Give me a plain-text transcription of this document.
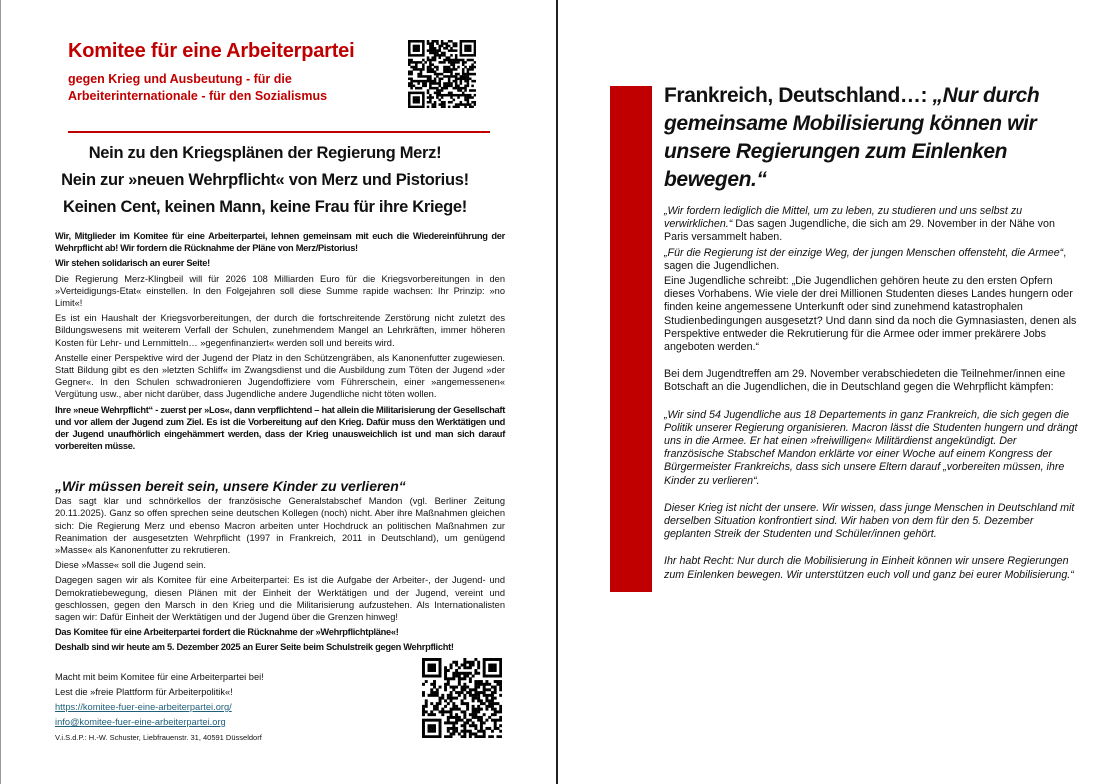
Komitee für eine Arbeiterpartei
gegen Krieg und Ausbeutung - für die Arbeiterinternationale - für den Sozialismus
Nein zu den Kriegsplänen der Regierung Merz!
Nein zur »neuen Wehrpflicht« von Merz und Pistorius!
Keinen Cent, keinen Mann, keine Frau für ihre Kriege!

Wir, Mitglieder im Komitee für eine Arbeiterpartei, lehnen gemeinsam mit euch die Wiedereinführung der Wehrpflicht ab! Wir fordern die Rücknahme der Pläne von Merz/Pistorius!

Wir stehen solidarisch an eurer Seite!

Die Regierung Merz-Klingbeil will für 2026 108 Milliarden Euro für die Kriegsvorbereitungen in den »Verteidigungs-Etat« einstellen. In den Folgejahren soll diese Summe rapide wachsen: Ihr Prinzip: »no Limit«!

Es ist ein Haushalt der Kriegsvorbereitungen, der durch die fortschreitende Zerstörung nicht zuletzt des Bildungswesens mit weiterem Verfall der Schulen, zunehmendem Mangel an Lehrkräften, immer höheren Kosten für Lehr- und Lernmitteln… »gegenfinanziert« werden soll und bereits wird.

Anstelle einer Perspektive wird der Jugend der Platz in den Schützengräben, als Kanonenfutter zugewiesen. Statt Bildung gibt es den »letzten Schliff« im Zwangsdienst und die Ausbildung zum Töten der Jugend »der Gegner«. In den Schulen schwadronieren Jugendoffiziere vom Führerschein, einer »angemessenen« Vergütung usw., aber nicht darüber, dass Jugendliche andere Jugendliche nicht töten wollen.

Ihre »neue Wehrpflicht“ - zuerst per »Los«, dann verpflichtend – hat allein die Militarisierung der Gesellschaft und vor allem der Jugend zum Ziel. Es ist die Vorbereitung auf den Krieg. Dafür muss den Werktätigen und der Jugend unaufhörlich eingehämmert werden, dass der Krieg unausweichlich ist und man sich darauf vorbereiten müsse.

„Wir müssen bereit sein, unsere Kinder zu verlieren“

Das sagt klar und schnörkellos der französische Generalstabschef Mandon (vgl. Berliner Zeitung 20.11.2025). Ganz so offen sprechen seine deutschen Kollegen (noch) nicht. Aber ihre Maßnahmen gleichen sich: Die Regierung Merz und ebenso Macron arbeiten unter Hochdruck an politischen Maßnahmen zur Reanimation der ausgesetzten Wehrpflicht (1997 in Frankreich, 2011 in Deutschland), um genügend »Masse« als Kanonenfutter zu rekrutieren.

Diese »Masse« soll die Jugend sein.

Dagegen sagen wir als Komitee für eine Arbeiterpartei: Es ist die Aufgabe der Arbeiter-, der Jugend- und Demokratiebewegung, diesen Plänen mit der Einheit der Werktätigen und der Jugend, vereint und geschlossen, gegen den Marsch in den Krieg und die Militarisierung aufzustehen. Als Internationalisten sagen wir: Dafür Einheit der Werktätigen und der Jugend über die Grenzen hinweg!

Das Komitee für eine Arbeiterpartei fordert die Rücknahme der »Wehrpflichtpläne«!

Deshalb sind wir heute am 5. Dezember 2025 an Eurer Seite beim Schulstreik gegen Wehrpflicht!

Macht mit beim Komitee für eine Arbeiterpartei bei!
Lest die »freie Plattform für Arbeiterpolitik«!
https://komitee-fuer-eine-arbeiterpartei.org/
info@komitee-fuer-eine-arbeiterpartei.org
V.i.S.d.P.: H.-W. Schuster, Liebfrauenstr. 31, 40591 Düsseldorf
Frankreich, Deutschland…: „Nur durch gemeinsame Mobilisierung können wir unsere Regierungen zum Einlenken bewegen.“

„Wir fordern lediglich die Mittel, um zu leben, zu studieren und uns selbst zu verwirklichen.“ Das sagen Jugendliche, die sich am 29. November in der Nähe von Paris versammelt haben.

„Für die Regierung ist der einzige Weg, der jungen Menschen offensteht, die Armee“, sagen die Jugendlichen.

Eine Jugendliche schreibt: „Die Jugendlichen gehören heute zu den ersten Opfern dieses Vorhabens. Wie viele der drei Millionen Studenten dieses Landes hungern oder finden keine angemessene Unterkunft oder sind zunehmend katastrophalen Studienbedingungen ausgesetzt? Und dann sind da noch die Gymnasiasten, denen als Perspektive entweder die Rekrutierung für die Armee oder immer prekärere Jobs angeboten werden.“

Bei dem Jugendtreffen am 29. November verabschiedeten die Teilnehmer/innen eine Botschaft an die Jugendlichen, die in Deutschland gegen die Wehrpflicht kämpfen:

„Wir sind 54 Jugendliche aus 18 Departements in ganz Frankreich, die sich gegen die Politik unserer Regierung organisieren. Macron lässt die Studenten hungern und drängt uns in die Armee. Er hat einen »freiwilligen« Militärdienst angekündigt. Der französische Stabschef Mandon erklärte vor einer Woche auf einem Kongress der Bürgermeister Frankreichs, dass sich unsere Eltern darauf „vorbereiten müssen, ihre Kinder zu verlieren“.

Dieser Krieg ist nicht der unsere. Wir wissen, dass junge Menschen in Deutschland mit derselben Situation konfrontiert sind. Wir haben von dem für den 5. Dezember geplanten Streik der Studenten und Schüler/innen gehört.

Ihr habt Recht: Nur durch die Mobilisierung in Einheit können wir unsere Regierungen zum Einlenken bewegen. Wir unterstützen euch voll und ganz bei eurer Mobilisierung.“
